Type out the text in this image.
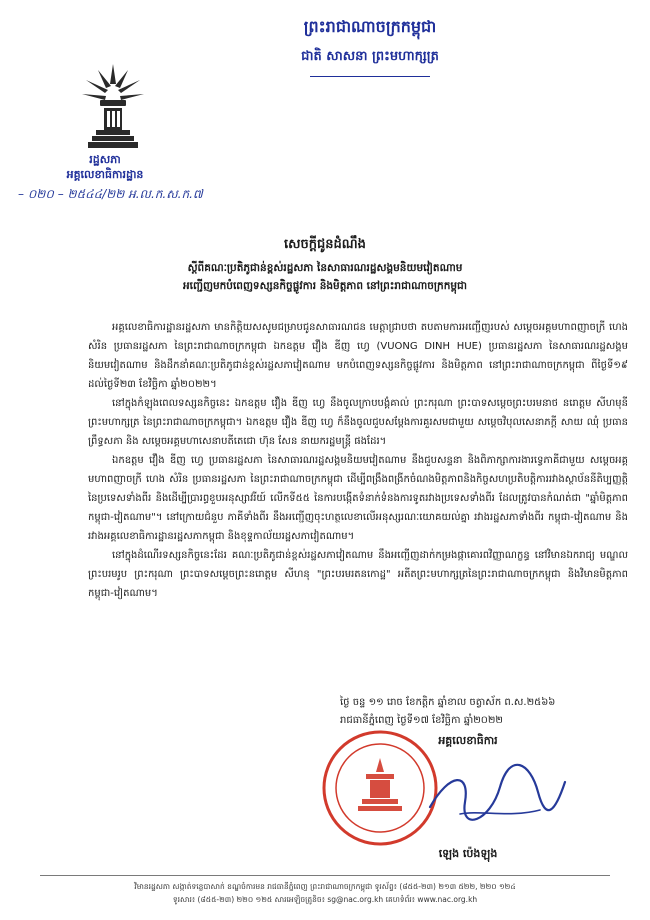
ព្រះរាជាណាចក្រកម្ពុជា
ជាតិ សាសនា ព្រះមហាក្សត្រ
រដ្ឋសភា
អគ្គលេខាធិការដ្ឋាន
– ០២០ – ២៥៤៤/២២ អ.ល.ក.ស.ក.៧
សេចក្តីជូនដំណឹង
ស្តីពីគណៈប្រតិភូជាន់ខ្ពស់រដ្ឋសភា នៃសាធារណរដ្ឋសង្គមនិយមវៀតណាម
អញ្ជើញមកបំពេញទស្សនកិច្ចផ្លូវការ និងមិត្តភាព នៅព្រះរាជាណាចក្រកម្ពុជា

អគ្គលេខាធិការដ្ឋានរដ្ឋសភា មានកិត្តិយសសូមជម្រាបជូនសាធារណជន មេត្តាជ្រាបថា តបតាមការអញ្ជើញរបស់ សម្តេចអគ្គមហាពញាចក្រី ហេង សំរិន ប្រធានរដ្ឋសភា នៃព្រះរាជាណាចក្រកម្ពុជា ឯកឧត្តម វឿង ឌីញ ហ្វេ (VUONG DINH HUE) ប្រធានរដ្ឋសភា នៃសាធារណរដ្ឋសង្គមនិយមវៀតណាម និងដឹកនាំគណៈប្រតិភូជាន់ខ្ពស់រដ្ឋសភាវៀតណាម មកបំពេញទស្សនកិច្ចផ្លូវការ និងមិត្តភាព នៅព្រះរាជាណាចក្រកម្ពុជា ពីថ្ងៃទី១៩ ដល់ថ្ងៃទី២៣ ខែវិច្ឆិកា ឆ្នាំ២០២២។

នៅក្នុងកំឡុងពេលទស្សនកិច្ចនេះ ឯកឧត្តម វឿង ឌីញ ហ្វេ នឹងចូលក្រាបបង្គំគាល់ ព្រះករុណា ព្រះបាទសម្តេចព្រះបរមនាថ នរោត្តម សីហមុនី ព្រះមហាក្សត្រ នៃព្រះរាជាណាចក្រកម្ពុជា។ ឯកឧត្តម វឿង ឌីញ ហ្វេ ក៏នឹងចូលជួបសម្តែងការគួរសមជាមួយ សម្តេចវិបុលសេនាភក្តី សាយ ឈុំ ប្រធានព្រឹទ្ធសភា និង សម្តេចអគ្គមហាសេនាបតីតេជោ ហ៊ុន សែន នាយករដ្ឋមន្ត្រី ផងដែរ។

ឯកឧត្តម វឿង ឌីញ ហ្វេ ប្រធានរដ្ឋសភា នៃសាធារណរដ្ឋសង្គមនិយមវៀតណាម នឹងជួបសន្ទនា និងពិភាក្សាការងារទ្វេភាគីជាមួយ សម្តេចអគ្គមហាពញាចក្រី ហេង សំរិន ប្រធានរដ្ឋសភា នៃព្រះរាជាណាចក្រកម្ពុជា ដើម្បីពង្រឹងពង្រីកចំណងមិត្តភាពនិងកិច្ចសហប្រតិបត្តិការរវាងស្ថាប័ននីតិប្បញ្ញត្តិ នៃប្រទេសទាំងពីរ និងដើម្បីប្រារព្ធខួបអនុស្សាវរីយ៍ លើកទី៥៥ នៃការបង្កើតទំនាក់ទំនងការទូតរវាងប្រទេសទាំងពីរ ដែលត្រូវបានកំណត់ជា "ឆ្នាំមិត្តភាពកម្ពុជា-វៀតណាម"។ នៅក្រោយជំនួប ភាគីទាំងពីរ នឹងអញ្ជើញចុះហត្ថលេខាលើអនុស្សរណៈយោគយល់គ្នា រវាងរដ្ឋសភាទាំងពីរ កម្ពុជា-វៀតណាម និងរវាងអគ្គលេខាធិការដ្ឋានរដ្ឋសភាកម្ពុជា និងខុទ្ទកាល័យរដ្ឋសភាវៀតណាម។

នៅក្នុងដំណើរទស្សនកិច្ចនេះដែរ គណៈប្រតិភូជាន់ខ្ពស់រដ្ឋសភាវៀតណាម នឹងអញ្ជើញដាក់កម្រងផ្កាគោរពវិញ្ញាណក្ខន្ធ នៅវិមានឯករាជ្យ មណ្ឌលព្រះបរមរូប ព្រះករុណា ព្រះបាទសម្តេចព្រះនរោត្តម សីហនុ "ព្រះបរមរតនកោដ្ឋ" អតីតព្រះមហាក្សត្រនៃព្រះរាជាណាចក្រកម្ពុជា និងវិមានមិត្តភាពកម្ពុជា-វៀតណាម។

ថ្ងៃ ចន្ទ ១១ រោច ខែកត្តិក ឆ្នាំខាល ចត្វាស័ក ព.ស.២៥៦៦
រាជធានីភ្នំពេញ ថ្ងៃទី១៧ ខែវិច្ឆិកា ឆ្នាំ២០២២
អគ្គលេខាធិការ
ឡេង ប៉េងឡុង
វិមានរដ្ឋសភា សង្កាត់ទន្លេបាសាក់ ខណ្ឌចំការមន រាជធានីភ្នំពេញ ព្រះរាជាណាចក្រកម្ពុជា ទូរស័ព្ទ៖ (៨៥៥-២៣) ២១៣ ៥២២, ២២០ ១២៤
ទូរសារ៖ (៨៥៥-២៣) ២២០ ១២៥ សារអេឡិចត្រូនិច៖ sg@nac.org.kh គេហទំព័រ៖ www.nac.org.kh
